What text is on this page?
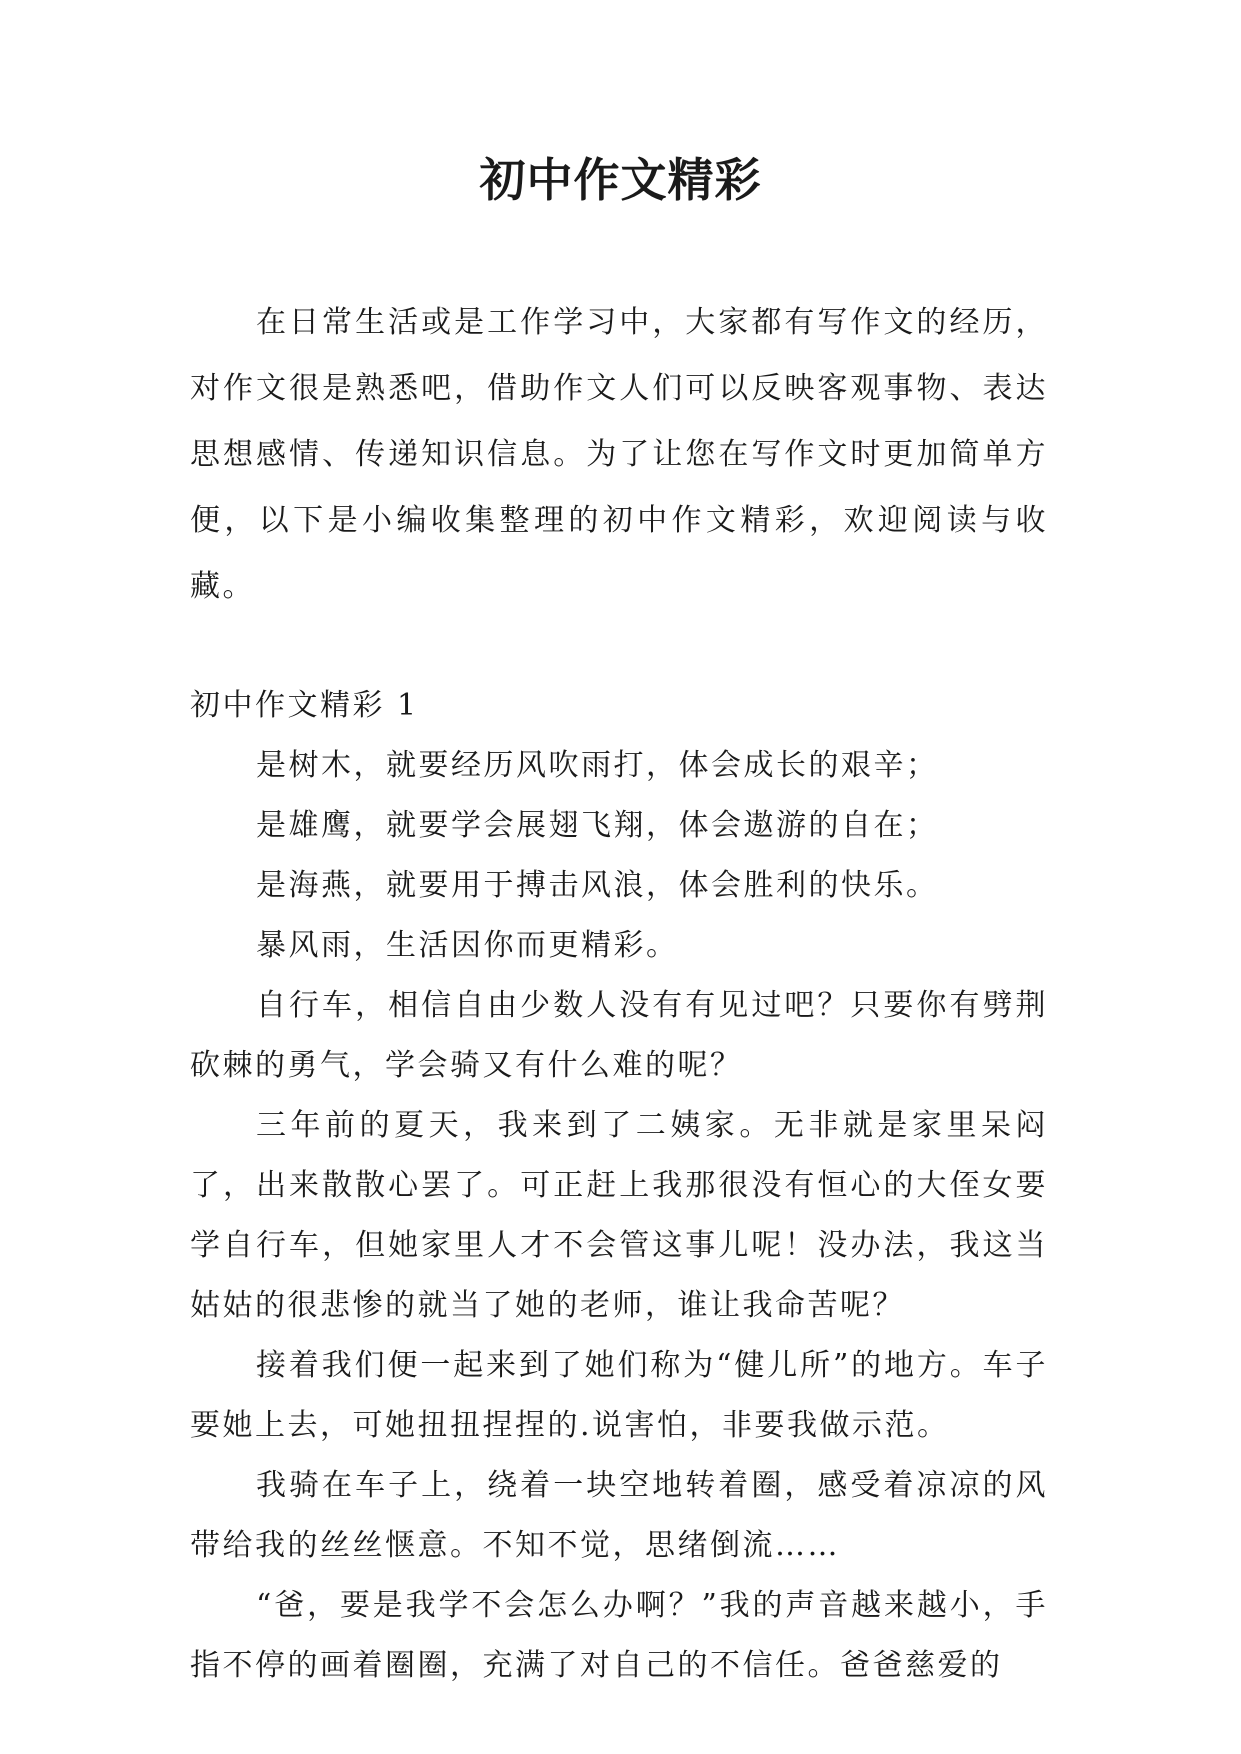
初中作文精彩

在日常生活或是工作学习中，大家都有写作文的经历，对作文很是熟悉吧，借助作文人们可以反映客观事物、表达思想感情、传递知识信息。为了让您在写作文时更加简单方便，以下是小编收集整理的初中作文精彩，欢迎阅读与收藏。

初中作文精彩 1

是树木，就要经历风吹雨打，体会成长的艰辛；

是雄鹰，就要学会展翅飞翔，体会遨游的自在；

是海燕，就要用于搏击风浪，体会胜利的快乐。

暴风雨，生活因你而更精彩。

自行车，相信自由少数人没有有见过吧？只要你有劈荆砍棘的勇气，学会骑又有什么难的呢？

三年前的夏天，我来到了二姨家。无非就是家里呆闷了，出来散散心罢了。可正赶上我那很没有恒心的大侄女要学自行车，但她家里人才不会管这事儿呢！没办法，我这当姑姑的很悲惨的就当了她的老师，谁让我命苦呢？

接着我们便一起来到了她们称为“健儿所”的地方。车子要她上去，可她扭扭捏捏的.说害怕，非要我做示范。

我骑在车子上，绕着一块空地转着圈，感受着凉凉的风带给我的丝丝惬意。不知不觉，思绪倒流……

“爸，要是我学不会怎么办啊？”我的声音越来越小，手指不停的画着圈圈，充满了对自己的不信任。爸爸慈爱的
